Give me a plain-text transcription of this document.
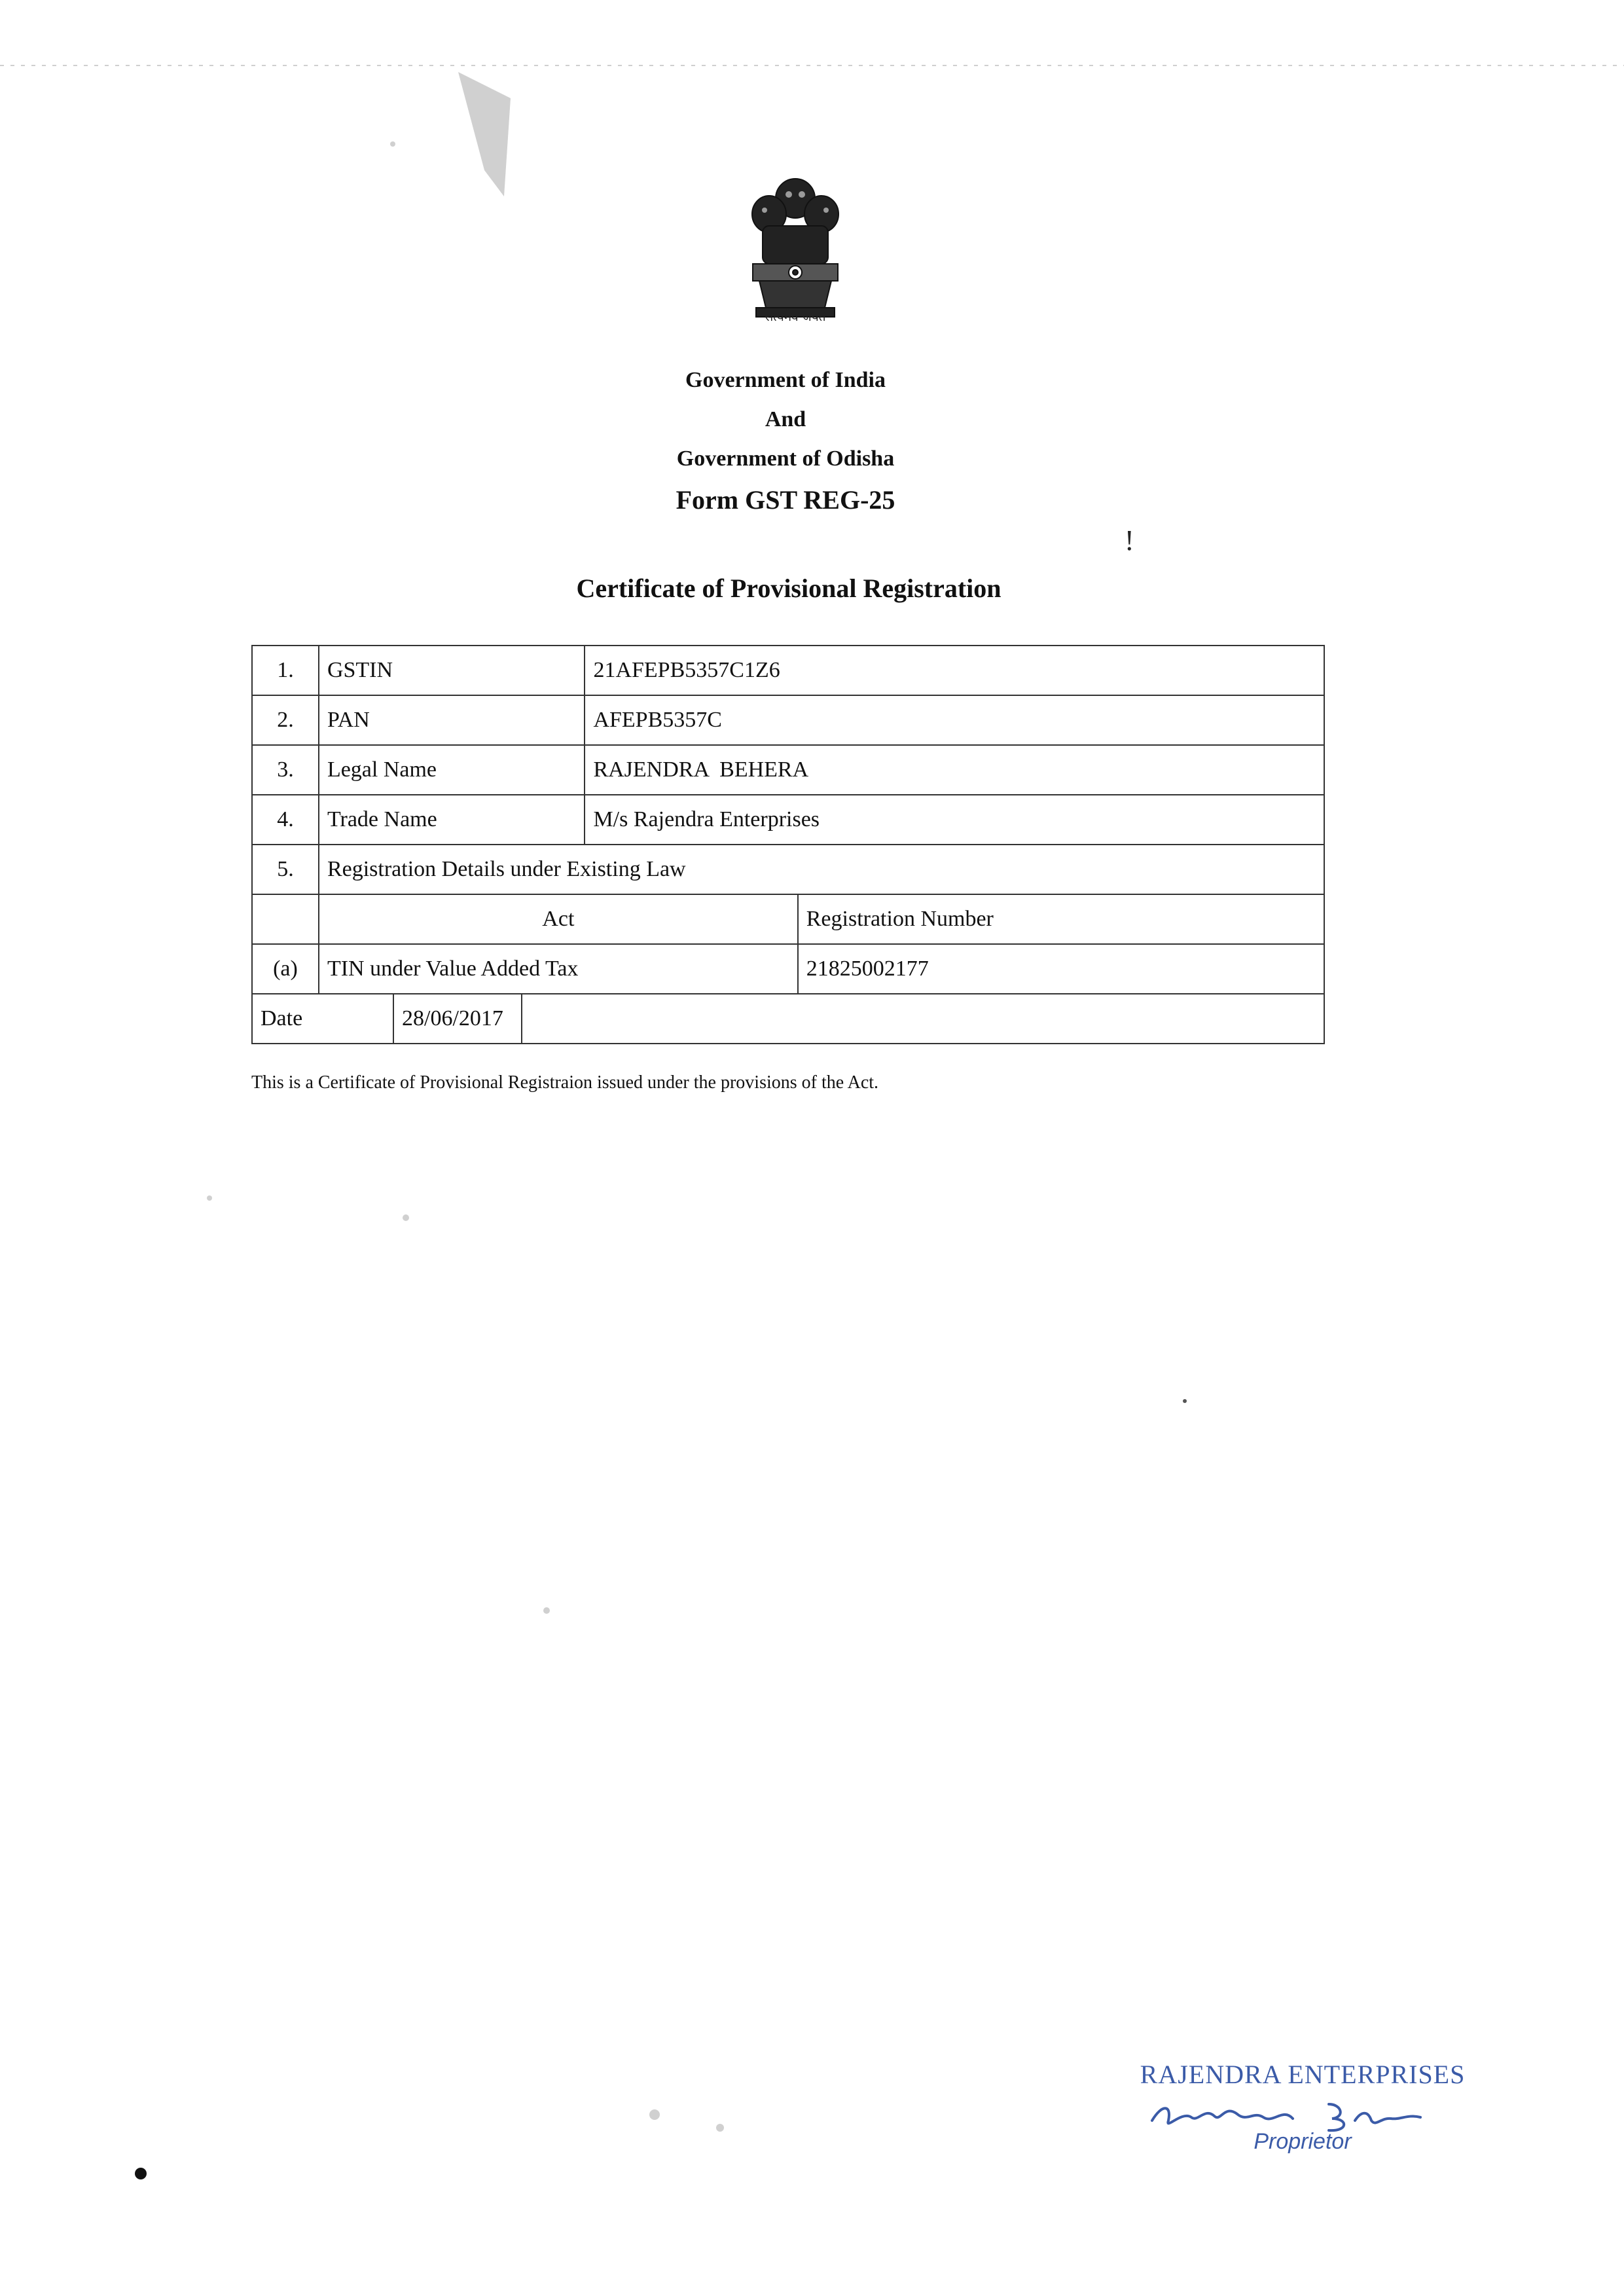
सत्यमेव जयते
Government of India
And
Government of Odisha
Form GST REG-25
ǃ
Certificate of Provisional Registration
1.	GSTIN		21AFEPB5357C1Z6	
2.	PAN		AFEPB5357C	
3.	Legal Name		RAJENDRA  BEHERA	
4.	Trade Name		M/s Rajendra Enterprises	
5.	Registration Details under Existing Law			
	Act			Registration Number
(a)	TIN under Value Added Tax			21825002177

Date 28/06/2017				

This is a Certificate of Provisional Registraion issued under the provisions of the Act.
RAJENDRA ENTERPRISES
Proprietor
